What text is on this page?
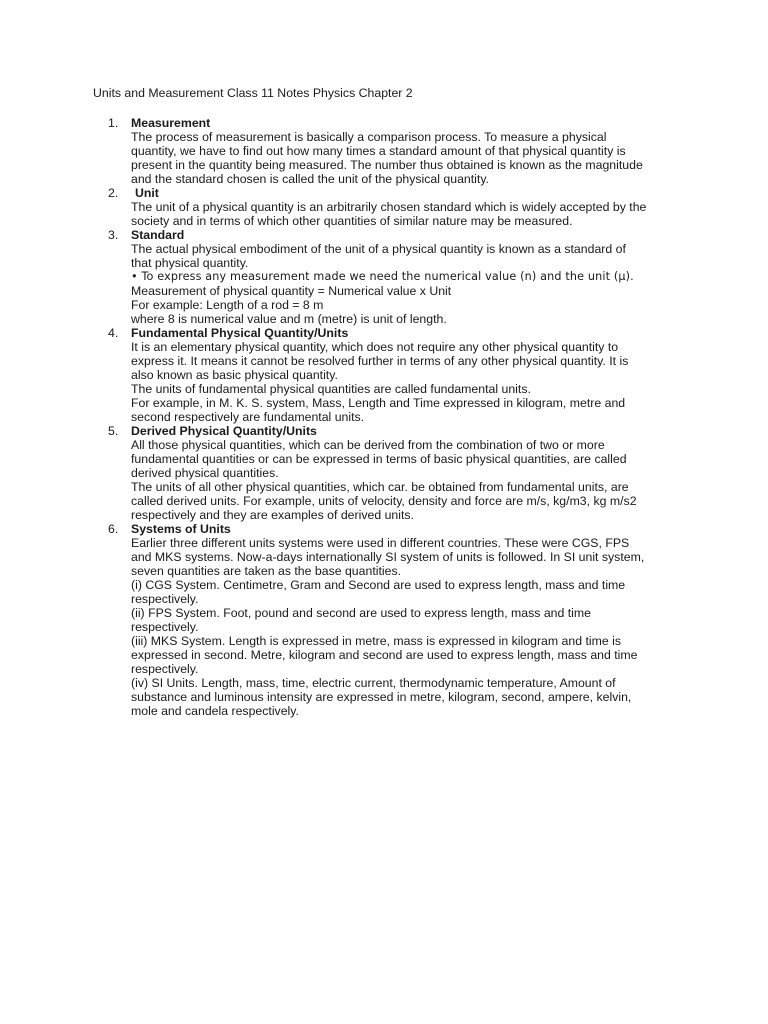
Units and Measurement Class 11 Notes Physics Chapter 2
1. Measurement
The process of measurement is basically a comparison process. To measure a physical
quantity, we have to find out how many times a standard amount of that physical quantity is
present in the quantity being measured. The number thus obtained is known as the magnitude
and the standard chosen is called the unit of the physical quantity.
2.	Unit
The unit of a physical quantity is an arbitrarily chosen standard which is widely accepted by the
society and in terms of which other quantities of similar nature may be measured.
3. Standard
The actual physical embodiment of the unit of a physical quantity is known as a standard of
that physical quantity.
• To express any measurement made we need the numerical value (n) and the unit (μ).
Measurement of physical quantity = Numerical value x Unit
For example: Length of a rod = 8 m
where 8 is numerical value and m (metre) is unit of length.
4. Fundamental Physical Quantity/Units
It is an elementary physical quantity, which does not require any other physical quantity to
express it. It means it cannot be resolved further in terms of any other physical quantity. It is
also known as basic physical quantity.
The units of fundamental physical quantities are called fundamental units.
For example, in M. K. S. system, Mass, Length and Time expressed in kilogram, metre and
second respectively are fundamental units.
5. Derived Physical Quantity/Units
All those physical quantities, which can be derived from the combination of two or more
fundamental quantities or can be expressed in terms of basic physical quantities, are called
derived physical quantities.
The units of all other physical quantities, which car. be obtained from fundamental units, are
called derived units. For example, units of velocity, density and force are m/s, kg/m3, kg m/s2
respectively and they are examples of derived units.
6. Systems of Units
Earlier three different units systems were used in different countries. These were CGS, FPS
and MKS systems. Now-a-days internationally SI system of units is followed. In SI unit system,
seven quantities are taken as the base quantities.
(i) CGS System. Centimetre, Gram and Second are used to express length, mass and time
respectively.
(ii) FPS System. Foot, pound and second are used to express length, mass and time
respectively.
(iii) MKS System. Length is expressed in metre, mass is expressed in kilogram and time is
expressed in second. Metre, kilogram and second are used to express length, mass and time
respectively.
(iv) SI Units. Length, mass, time, electric current, thermodynamic temperature, Amount of
substance and luminous intensity are expressed in metre, kilogram, second, ampere, kelvin,
mole and candela respectively.
